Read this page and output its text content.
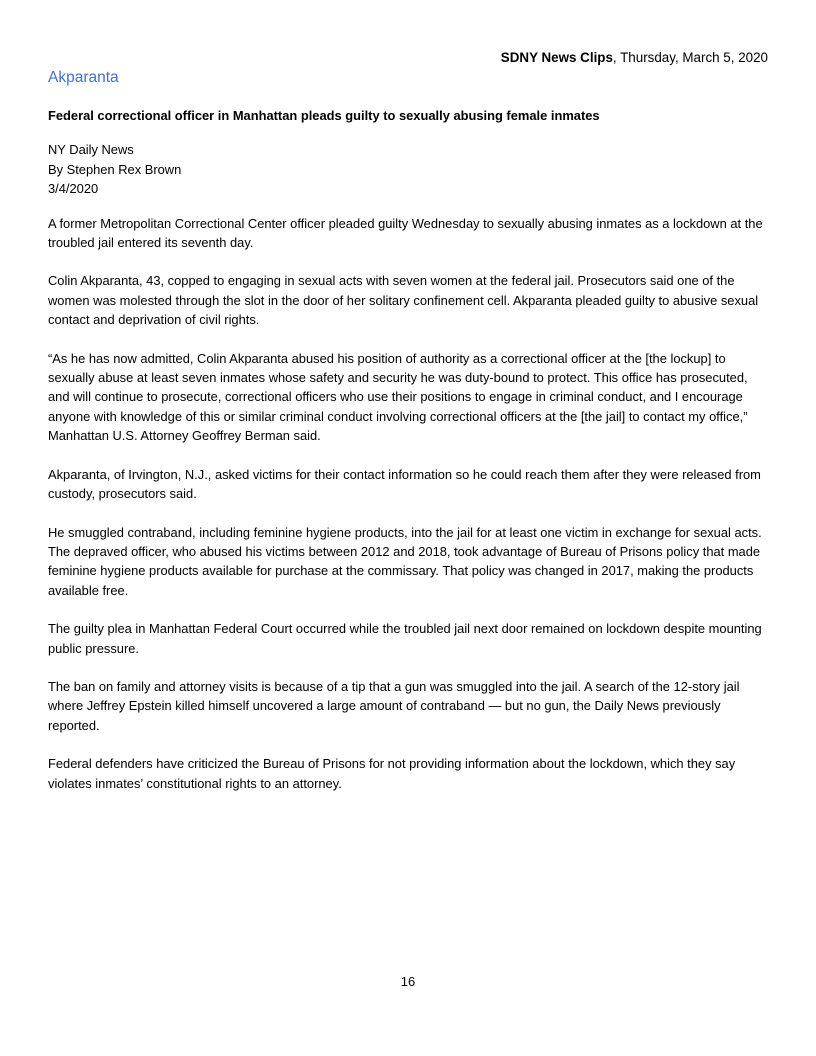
SDNY News Clips, Thursday, March 5, 2020
Akparanta
Federal correctional officer in Manhattan pleads guilty to sexually abusing female inmates
NY Daily News
By Stephen Rex Brown
3/4/2020

A former Metropolitan Correctional Center officer pleaded guilty Wednesday to sexually abusing inmates as a lockdown at the troubled jail entered its seventh day.

Colin Akparanta, 43, copped to engaging in sexual acts with seven women at the federal jail. Prosecutors said one of the women was molested through the slot in the door of her solitary confinement cell. Akparanta pleaded guilty to abusive sexual contact and deprivation of civil rights.

“As he has now admitted, Colin Akparanta abused his position of authority as a correctional officer at the [the lockup] to sexually abuse at least seven inmates whose safety and security he was duty-bound to protect. This office has prosecuted, and will continue to prosecute, correctional officers who use their positions to engage in criminal conduct, and I encourage anyone with knowledge of this or similar criminal conduct involving correctional officers at the [the jail] to contact my office,” Manhattan U.S. Attorney Geoffrey Berman said.

Akparanta, of Irvington, N.J., asked victims for their contact information so he could reach them after they were released from custody, prosecutors said.

He smuggled contraband, including feminine hygiene products, into the jail for at least one victim in exchange for sexual acts. The depraved officer, who abused his victims between 2012 and 2018, took advantage of Bureau of Prisons policy that made feminine hygiene products available for purchase at the commissary. That policy was changed in 2017, making the products available free.

The guilty plea in Manhattan Federal Court occurred while the troubled jail next door remained on lockdown despite mounting public pressure.

The ban on family and attorney visits is because of a tip that a gun was smuggled into the jail. A search of the 12-story jail where Jeffrey Epstein killed himself uncovered a large amount of contraband — but no gun, the Daily News previously reported.

Federal defenders have criticized the Bureau of Prisons for not providing information about the lockdown, which they say violates inmates’ constitutional rights to an attorney.

16
